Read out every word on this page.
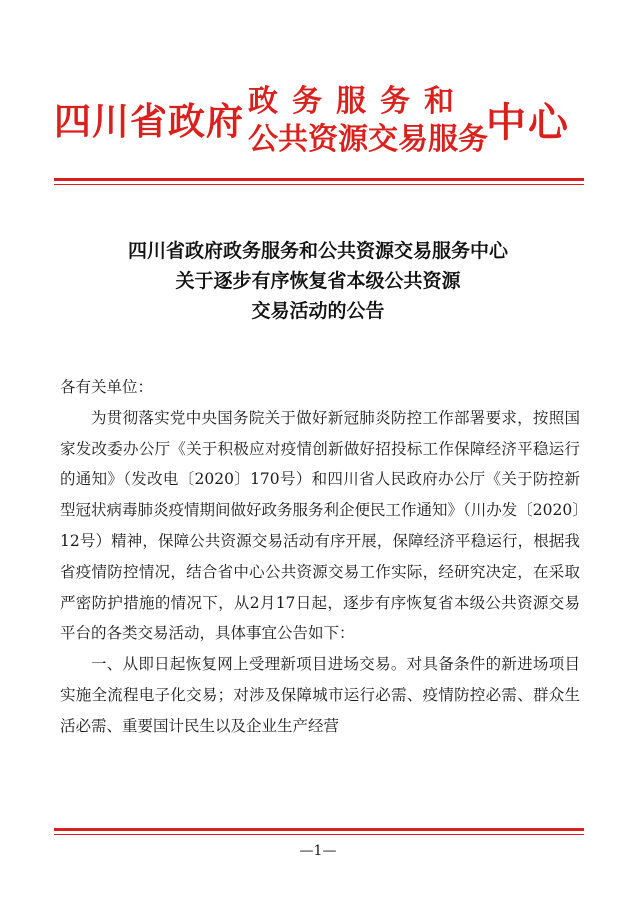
四川省政府 政务服务和
公共资源交易服务
中心
四川省政府政务服务和公共资源交易服务中心
关于逐步有序恢复省本级公共资源
交易活动的公告
各有关单位：

为贯彻落实党中央国务院关于做好新冠肺炎防控工作部署要求，按照国家发改委办公厅《关于积极应对疫情创新做好招投标工作保障经济平稳运行的通知》（发改电〔2020〕170号）和四川省人民政府办公厅《关于防控新型冠状病毒肺炎疫情期间做好政务服务利企便民工作通知》（川办发〔2020〕12号）精神，保障公共资源交易活动有序开展，保障经济平稳运行，根据我省疫情防控情况，结合省中心公共资源交易工作实际，经研究决定，在采取严密防护措施的情况下，从2月17日起，逐步有序恢复省本级公共资源交易平台的各类交易活动，具体事宜公告如下：

一、从即日起恢复网上受理新项目进场交易。对具备条件的新进场项目实施全流程电子化交易；对涉及保障城市运行必需、疫情防控必需、群众生活必需、重要国计民生以及企业生产经营

—1—
